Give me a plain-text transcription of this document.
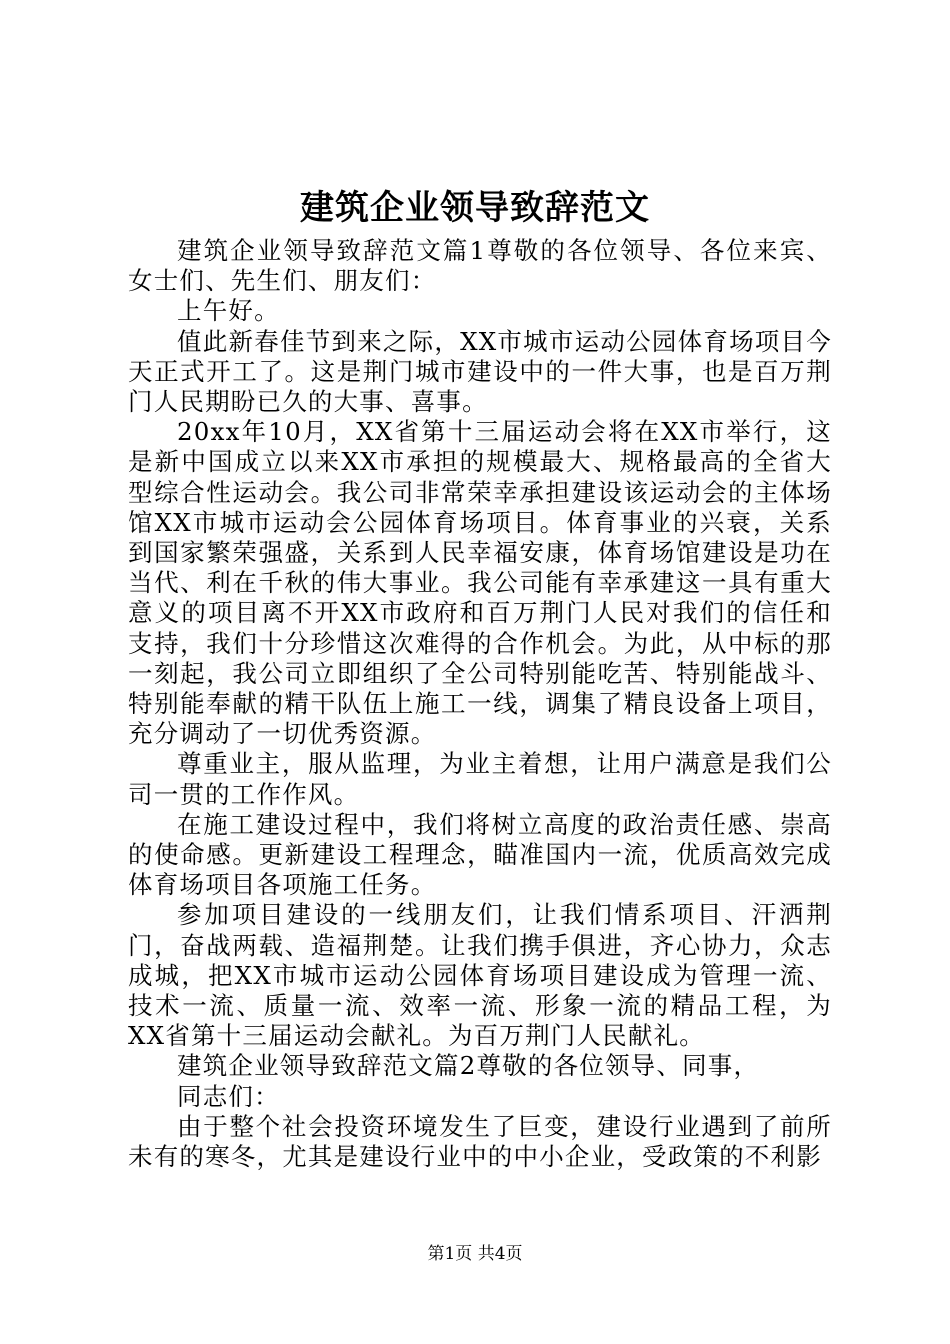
建筑企业领导致辞范文

建筑企业领导致辞范文篇1尊敬的各位领导、各位来宾、女士们、先生们、朋友们：

上午好。

值此新春佳节到来之际，XX市城市运动公园体育场项目今天正式开工了。这是荆门城市建设中的一件大事，也是百万荆门人民期盼已久的大事、喜事。

20xx年10月，XX省第十三届运动会将在XX市举行，这是新中国成立以来XX市承担的规模最大、规格最高的全省大型综合性运动会。我公司非常荣幸承担建设该运动会的主体场馆XX市城市运动会公园体育场项目。体育事业的兴衰，关系到国家繁荣强盛，关系到人民幸福安康，体育场馆建设是功在当代、利在千秋的伟大事业。我公司能有幸承建这一具有重大意义的项目离不开XX市政府和百万荆门人民对我们的信任和支持，我们十分珍惜这次难得的合作机会。为此，从中标的那一刻起，我公司立即组织了全公司特别能吃苦、特别能战斗、特别能奉献的精干队伍上施工一线，调集了精良设备上项目，充分调动了一切优秀资源。

尊重业主，服从监理，为业主着想，让用户满意是我们公司一贯的工作作风。

在施工建设过程中，我们将树立高度的政治责任感、崇高的使命感。更新建设工程理念，瞄准国内一流，优质高效完成体育场项目各项施工任务。

参加项目建设的一线朋友们，让我们情系项目、汗洒荆门，奋战两载、造福荆楚。让我们携手俱进，齐心协力，众志成城，把XX市城市运动公园体育场项目建设成为管理一流、技术一流、质量一流、效率一流、形象一流的精品工程，为XX省第十三届运动会献礼。为百万荆门人民献礼。

建筑企业领导致辞范文篇2尊敬的各位领导、同事，

同志们：

由于整个社会投资环境发生了巨变，建设行业遇到了前所未有的寒冬，尤其是建设行业中的中小企业，受政策的不利影

第1页 共4页
